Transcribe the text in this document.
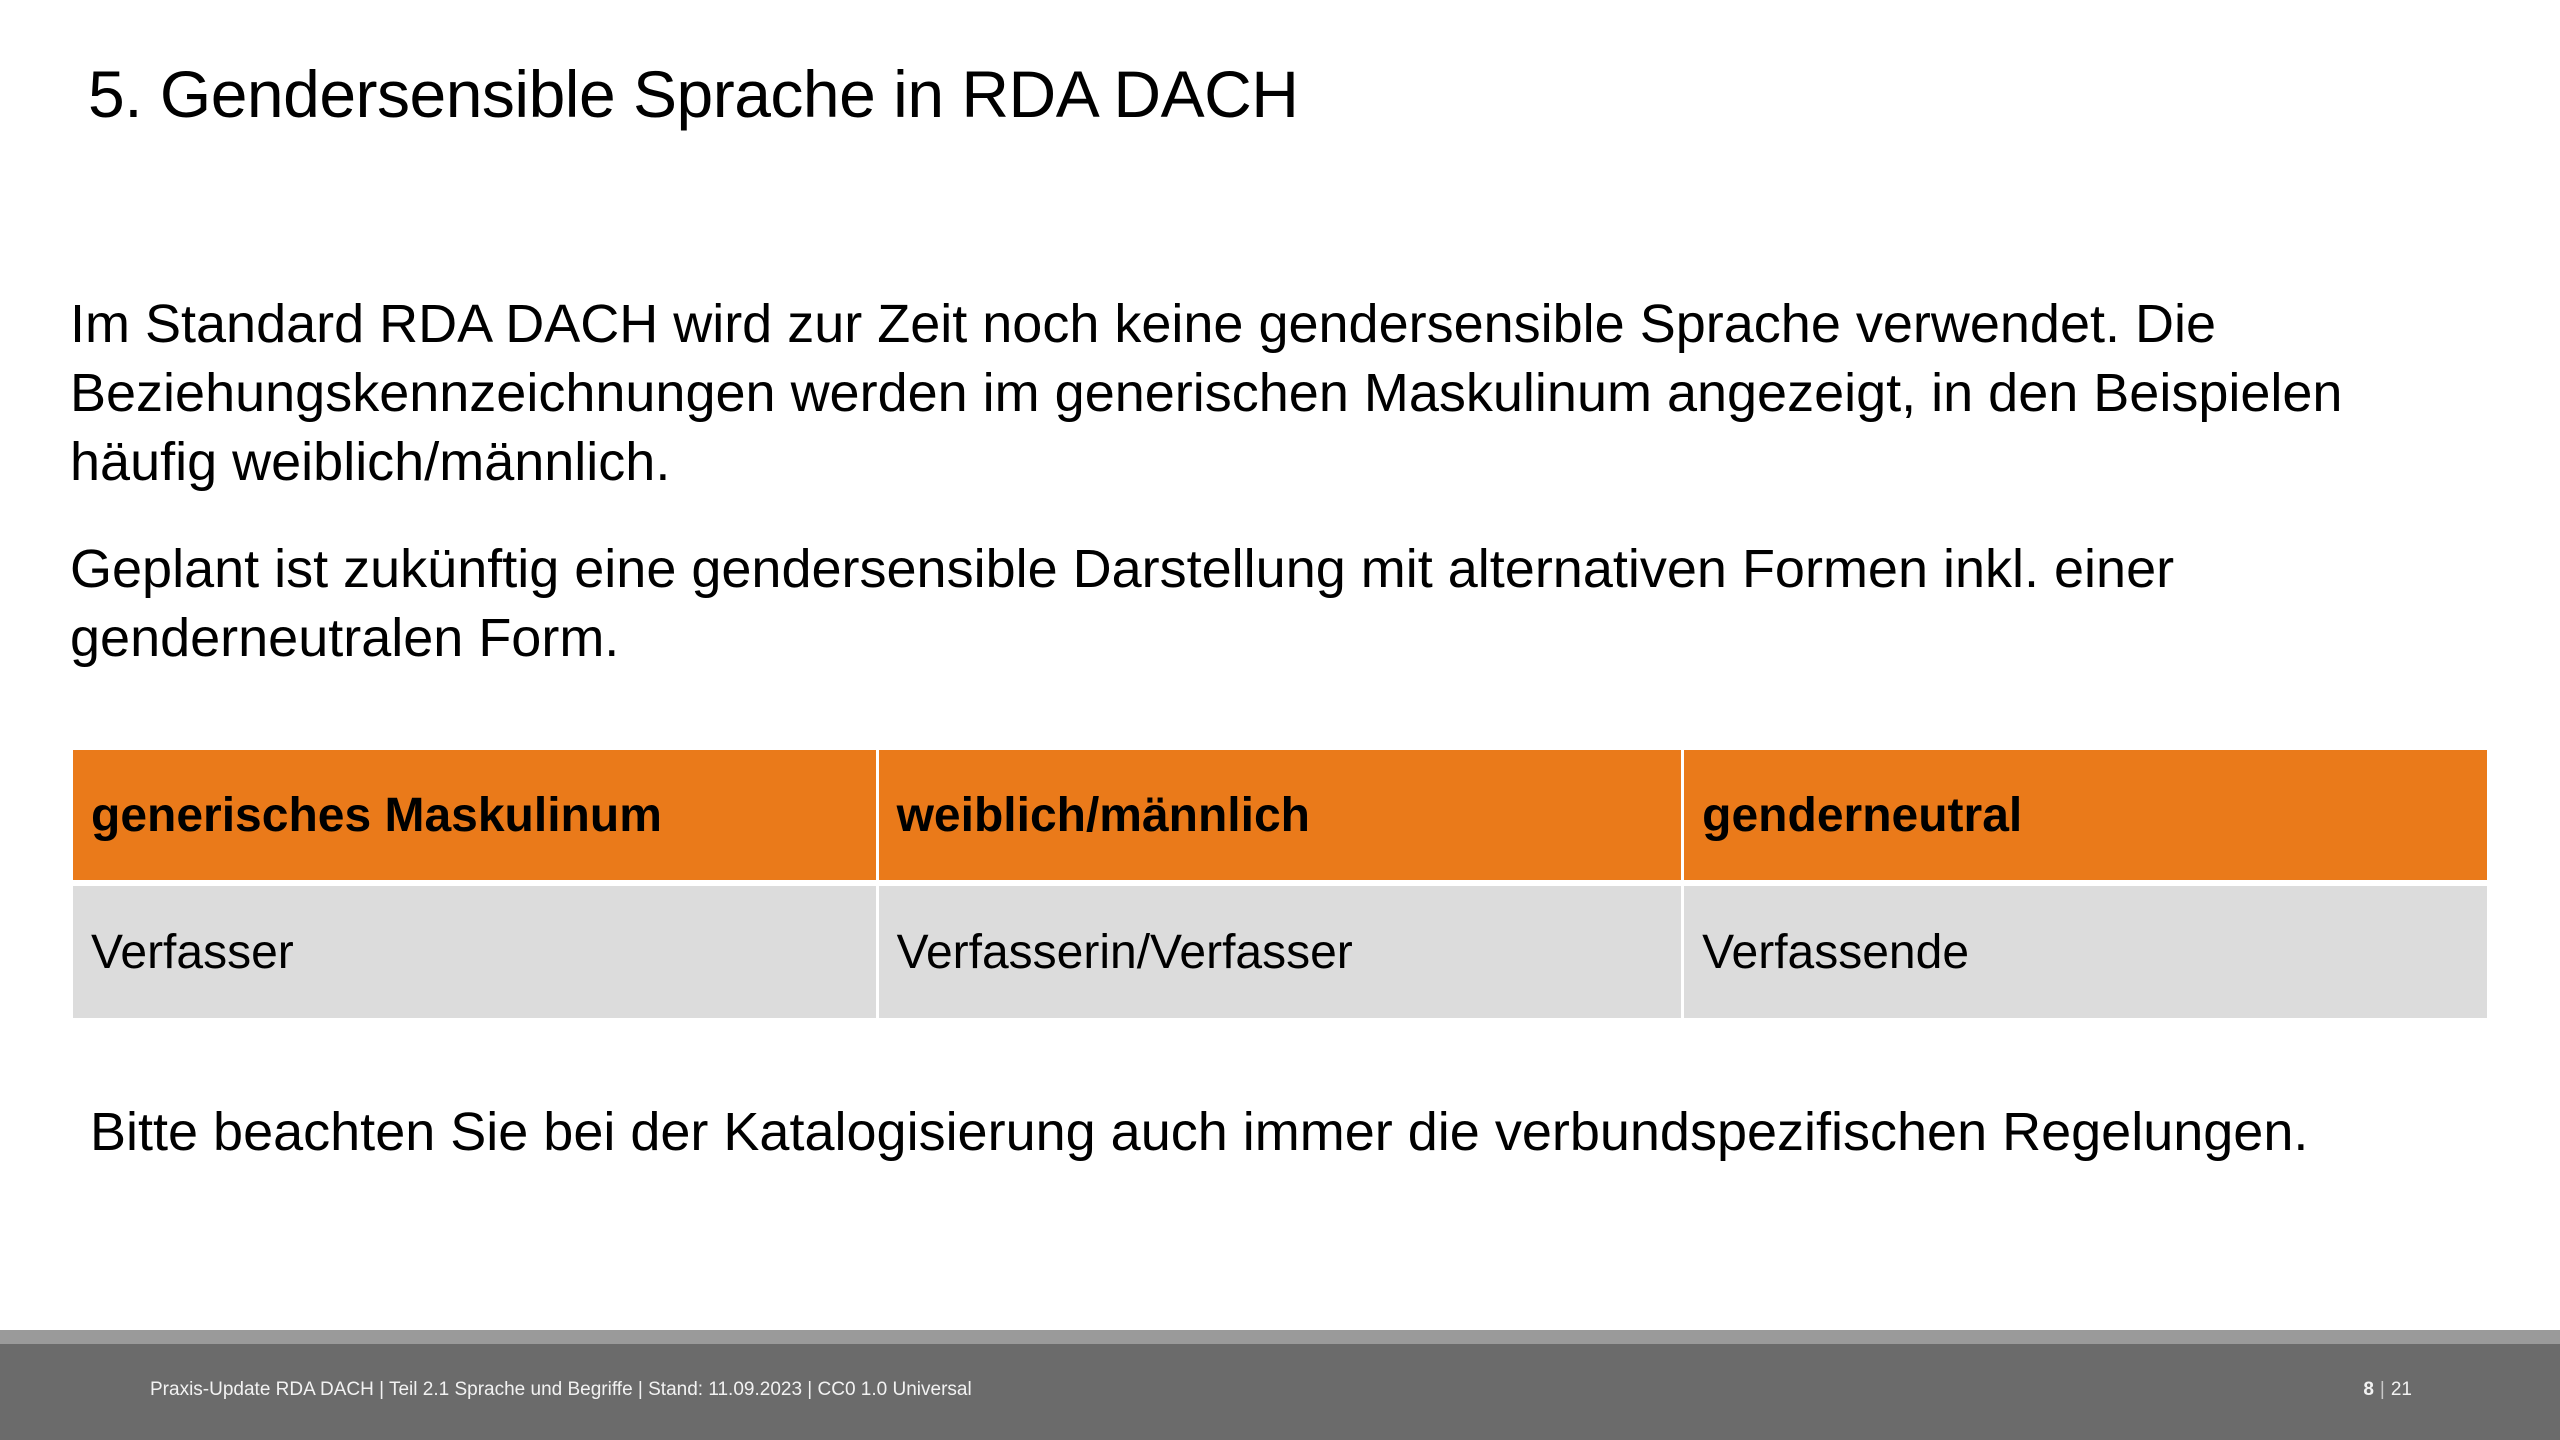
5. Gendersensible Sprache in RDA DACH

Im Standard RDA DACH wird zur Zeit noch keine gendersensible Sprache verwendet. Die Beziehungskennzeichnungen werden im generischen Maskulinum angezeigt, in den Beispielen häufig weiblich/männlich.

Geplant ist zukünftig eine gendersensible Darstellung mit alternativen Formen inkl. einer genderneutralen Form.

generisches Maskulinum	weiblich/männlich	genderneutral
Verfasser	Verfasserin/Verfasser	Verfassende
Bitte beachten Sie bei der Katalogisierung auch immer die verbundspezifischen Regelungen.
Praxis-Update RDA DACH | Teil 2.1 Sprache und Begriffe | Stand: 11.09.2023 | CC0 1.0 Universal	8 | 21
